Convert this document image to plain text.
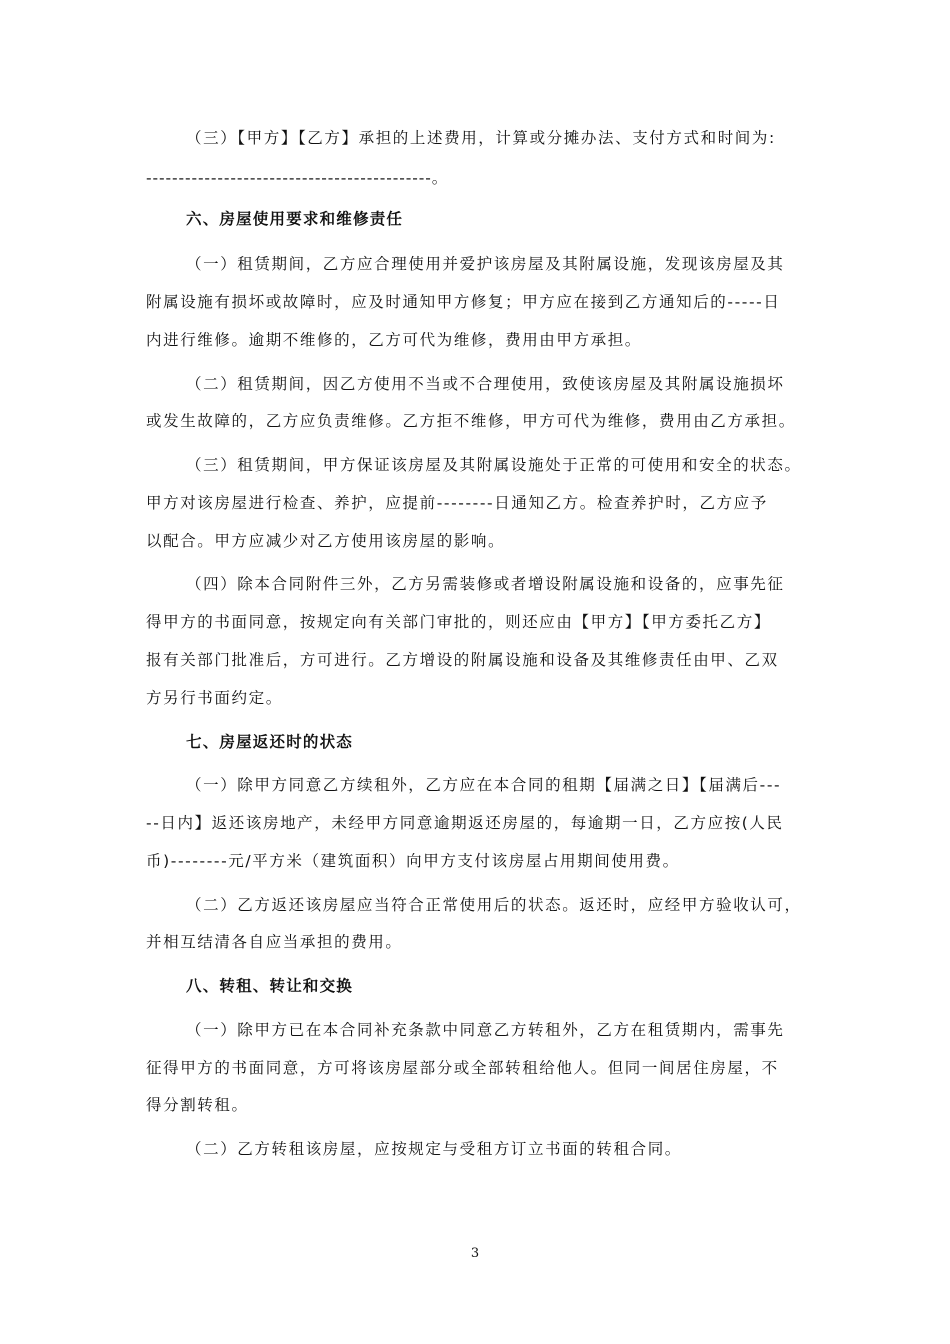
（三）【甲方】【乙方】承担的上述费用，计算或分摊办法、支付方式和时间为:
--------------------------------------------。
六、房屋使用要求和维修责任
（一）租赁期间，乙方应合理使用并爱护该房屋及其附属设施，发现该房屋及其
附属设施有损坏或故障时，应及时通知甲方修复；甲方应在接到乙方通知后的-----日
内进行维修。逾期不维修的，乙方可代为维修，费用由甲方承担。
（二）租赁期间，因乙方使用不当或不合理使用，致使该房屋及其附属设施损坏
或发生故障的，乙方应负责维修。乙方拒不维修，甲方可代为维修，费用由乙方承担。
（三）租赁期间，甲方保证该房屋及其附属设施处于正常的可使用和安全的状态。
甲方对该房屋进行检查、养护，应提前--------日通知乙方。检查养护时，乙方应予
以配合。甲方应减少对乙方使用该房屋的影响。
（四）除本合同附件三外，乙方另需装修或者增设附属设施和设备的，应事先征
得甲方的书面同意，按规定向有关部门审批的，则还应由【甲方】【甲方委托乙方】
报有关部门批准后，方可进行。乙方增设的附属设施和设备及其维修责任由甲、乙双
方另行书面约定。
七、房屋返还时的状态
（一）除甲方同意乙方续租外，乙方应在本合同的租期【届满之日】【届满后---
--日内】返还该房地产，未经甲方同意逾期返还房屋的，每逾期一日，乙方应按(人民
币)--------元/平方米（建筑面积）向甲方支付该房屋占用期间使用费。
（二）乙方返还该房屋应当符合正常使用后的状态。返还时，应经甲方验收认可，
并相互结清各自应当承担的费用。
八、转租、转让和交换
（一）除甲方已在本合同补充条款中同意乙方转租外，乙方在租赁期内，需事先
征得甲方的书面同意，方可将该房屋部分或全部转租给他人。但同一间居住房屋，不
得分割转租。
（二）乙方转租该房屋，应按规定与受租方订立书面的转租合同。
3
